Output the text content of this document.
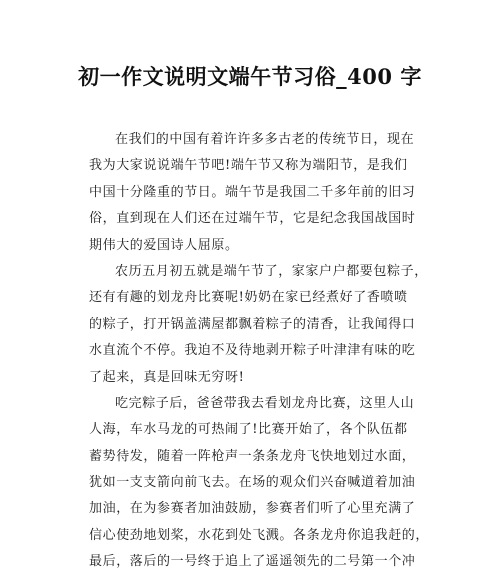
初一作文说明文端午节习俗_400 字
在我们的中国有着许许多多古老的传统节日，现在
我为大家说说端午节吧!端午节又称为端阳节，是我们
中国十分隆重的节日。端午节是我国二千多年前的旧习
俗，直到现在人们还在过端午节，它是纪念我国战国时
期伟大的爱国诗人屈原。
农历五月初五就是端午节了，家家户户都要包粽子，
还有有趣的划龙舟比赛呢!奶奶在家已经煮好了香喷喷
的粽子，打开锅盖满屋都飘着粽子的清香，让我闻得口
水直流个不停。我迫不及待地剥开粽子叶津津有味的吃
了起来，真是回味无穷呀!
吃完粽子后，爸爸带我去看划龙舟比赛，这里人山
人海，车水马龙的可热闹了!比赛开始了，各个队伍都
蓄势待发，随着一阵枪声一条条龙舟飞快地划过水面，
犹如一支支箭向前飞去。在场的观众们兴奋喊道着加油
加油，在为参赛者加油鼓励，参赛者们听了心里充满了
信心使劲地划桨，水花到处飞溅。各条龙舟你追我赶的，
最后，落后的一号终于追上了遥遥领先的二号第一个冲
